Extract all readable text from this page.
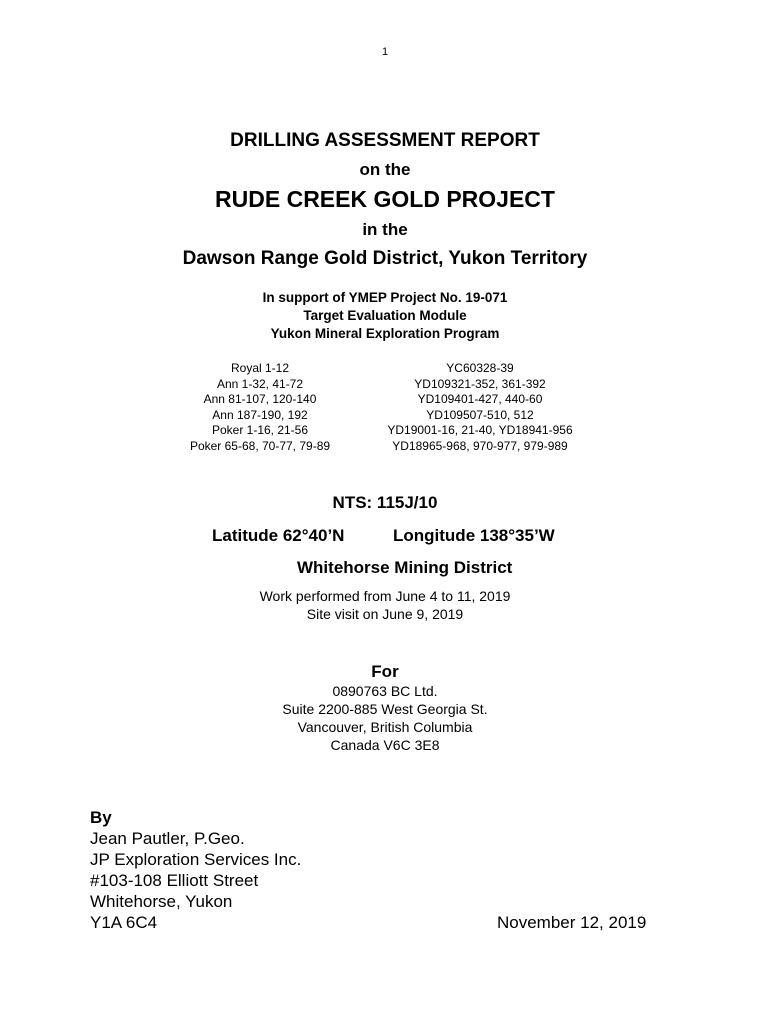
1
DRILLING ASSESSMENT REPORT
on the
RUDE CREEK GOLD PROJECT
in the
Dawson Range Gold District, Yukon Territory
In support of YMEP Project No. 19-071
Target Evaluation Module
Yukon Mineral Exploration Program
Royal 1-12
Ann 1-32, 41-72
Ann 81-107, 120-140
Ann 187-190, 192
Poker 1-16, 21-56
Poker 65-68, 70-77, 79-89
YC60328-39
YD109321-352, 361-392
YD109401-427, 440-60
YD109507-510, 512
YD19001-16, 21-40, YD18941-956
YD18965-968, 970-977, 979-989
NTS: 115J/10
Latitude 62°40’N	Longitude 138°35’W
Whitehorse Mining District
Work performed from June 4 to 11, 2019
Site visit on June 9, 2019
For
0890763 BC Ltd.
Suite 2200-885 West Georgia St.
Vancouver, British Columbia
Canada V6C 3E8
By
Jean Pautler, P.Geo.
JP Exploration Services Inc.
#103-108 Elliott Street
Whitehorse, Yukon
Y1A 6C4	November 12, 2019
